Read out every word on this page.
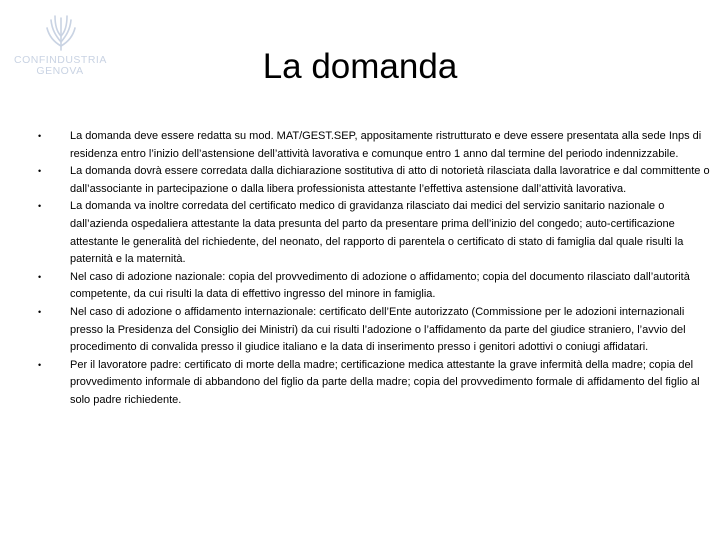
CONFINDUSTRIA
GENOVA	La domanda
•	La domanda deve essere redatta su mod. MAT/GEST.SEP, appositamente ristrutturato e deve essere presentata alla sede Inps di residenza entro l’inizio dell’astensione dell’attività lavorativa e comunque entro 1 anno dal termine del periodo indennizzabile.
•	La domanda dovrà essere corredata dalla dichiarazione sostitutiva di atto di notorietà rilasciata dalla lavoratrice e dal committente o dall’associante in partecipazione o dalla libera professionista attestante l’effettiva astensione dall’attività lavorativa.
•	La domanda va inoltre corredata del certificato medico di gravidanza rilasciato dai medici del servizio sanitario nazionale o dall’azienda ospedaliera attestante la data presunta del parto da presentare prima dell’inizio del congedo; auto-certificazione attestante le generalità del richiedente, del neonato, del rapporto di parentela o certificato di stato di famiglia dal quale risulti la paternità e la maternità.
•	Nel caso di adozione nazionale: copia del provvedimento di adozione o affidamento; copia del documento rilasciato dall’autorità competente, da cui risulti la data di effettivo ingresso del minore in famiglia.
•	Nel caso di adozione o affidamento internazionale: certificato dell’Ente autorizzato (Commissione per le adozioni internazionali presso la Presidenza del Consiglio dei Ministri) da cui risulti l’adozione o l’affidamento da parte del giudice straniero, l’avvio del procedimento di convalida presso il giudice italiano e la data di inserimento presso i genitori adottivi o coniugi affidatari.
•	Per il lavoratore padre: certificato di morte della madre; certificazione medica attestante la grave infermità della madre; copia del provvedimento informale di abbandono del figlio da parte della madre; copia del provvedimento formale di affidamento del figlio al solo padre richiedente.
